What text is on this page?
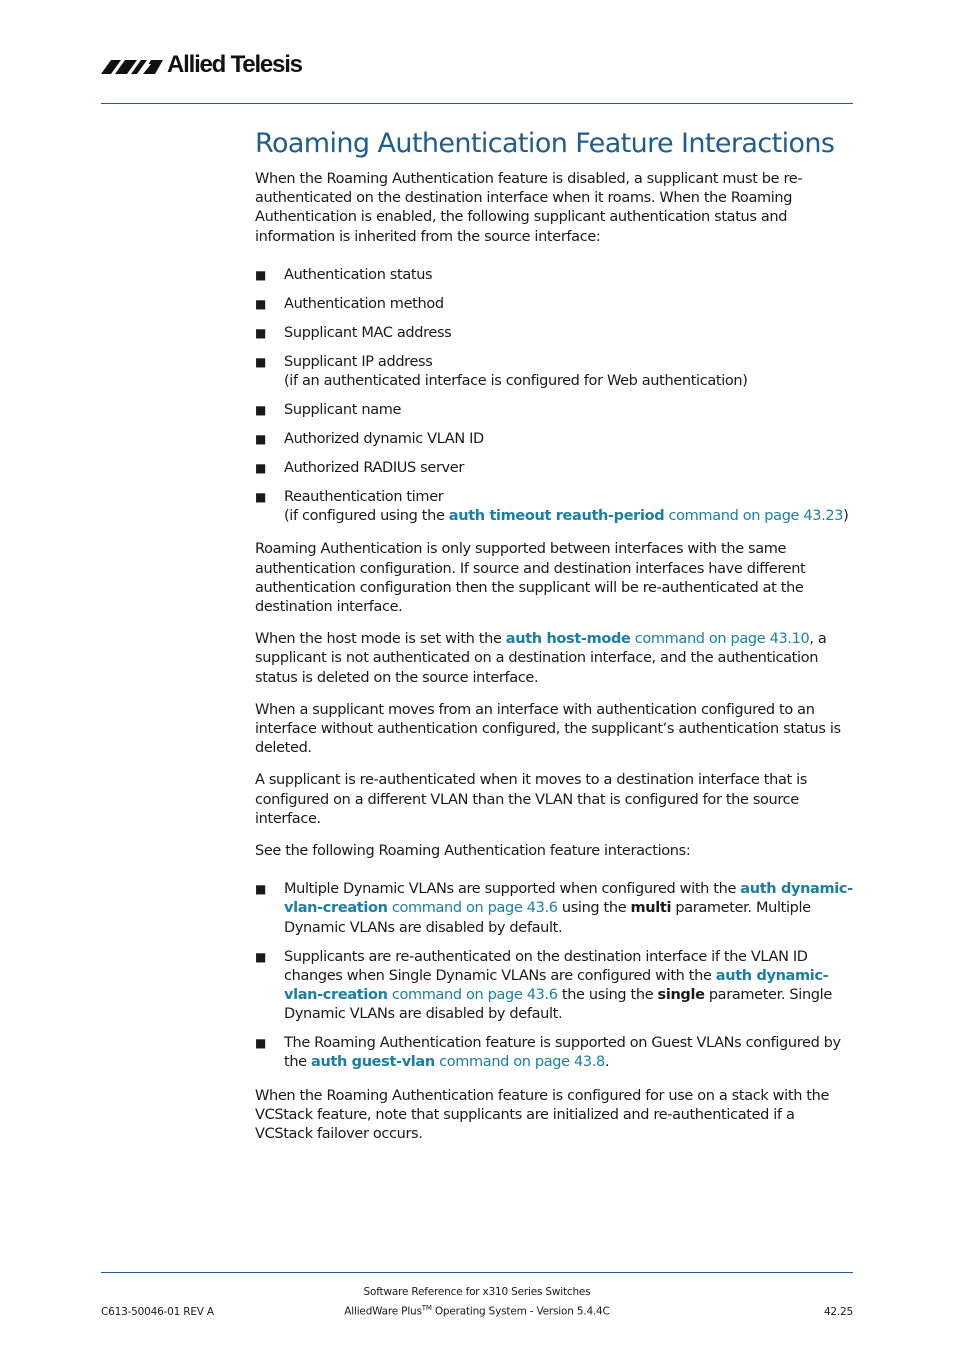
Allied Telesis
Roaming Authentication Feature Interactions

When the Roaming Authentication feature is disabled, a supplicant must be re-authenticated on the destination interface when it roams. When the Roaming Authentication is enabled, the following supplicant authentication status and information is inherited from the source interface:

■ Authentication status
■ Authentication method
■ Supplicant MAC address
■ Supplicant IP address
(if an authenticated interface is configured for Web authentication)
■ Supplicant name
■ Authorized dynamic VLAN ID
■ Authorized RADIUS server
■ Reauthentication timer
(if configured using the auth timeout reauth-period command on page 43.23)

Roaming Authentication is only supported between interfaces with the same authentication configuration. If source and destination interfaces have different authentication configuration then the supplicant will be re-authenticated at the destination interface.

When the host mode is set with the auth host-mode command on page 43.10, a supplicant is not authenticated on a destination interface, and the authentication status is deleted on the source interface.

When a supplicant moves from an interface with authentication configured to an interface without authentication configured, the supplicant’s authentication status is deleted.

A supplicant is re-authenticated when it moves to a destination interface that is configured on a different VLAN than the VLAN that is configured for the source interface.

See the following Roaming Authentication feature interactions:

■ Multiple Dynamic VLANs are supported when configured with the auth dynamic-vlan-creation command on page 43.6 using the multi parameter. Multiple Dynamic VLANs are disabled by default.
■ Supplicants are re-authenticated on the destination interface if the VLAN ID changes when Single Dynamic VLANs are configured with the auth dynamic-vlan-creation command on page 43.6 the using the single parameter. Single Dynamic VLANs are disabled by default.
■ The Roaming Authentication feature is supported on Guest VLANs configured by the auth guest-vlan command on page 43.8.

When the Roaming Authentication feature is configured for use on a stack with the VCStack feature, note that supplicants are initialized and re-authenticated if a VCStack failover occurs.

Software Reference for x310 Series Switches
AlliedWare Plus™ Operating System - Version 5.4.4C
C613-50046-01 REV A	42.25
